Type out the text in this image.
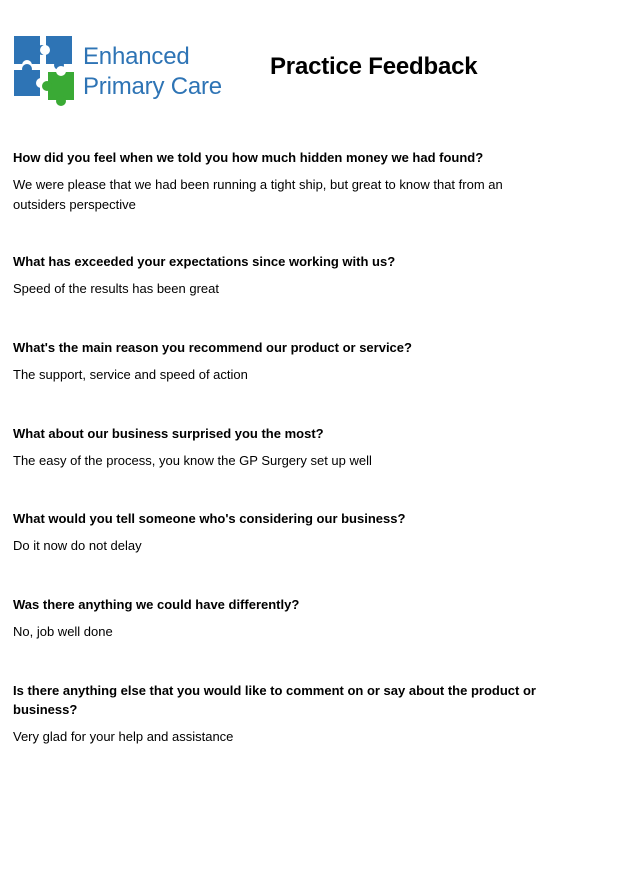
Enhanced
Primary Care
Practice Feedback

How did you feel when we told you how much hidden money we had found?

We were please that we had been running a tight ship, but great to know that from an outsiders perspective

What has exceeded your expectations since working with us?

Speed of the results has been great

What's the main reason you recommend our product or service?

The support, service and speed of action

What about our business surprised you the most?

The easy of the process, you know the GP Surgery set up well

What would you tell someone who's considering our business?

Do it now do not delay

Was there anything we could have differently?

No, job well done

Is there anything else that you would like to comment on or say about the product or business?

Very glad for your help and assistance
